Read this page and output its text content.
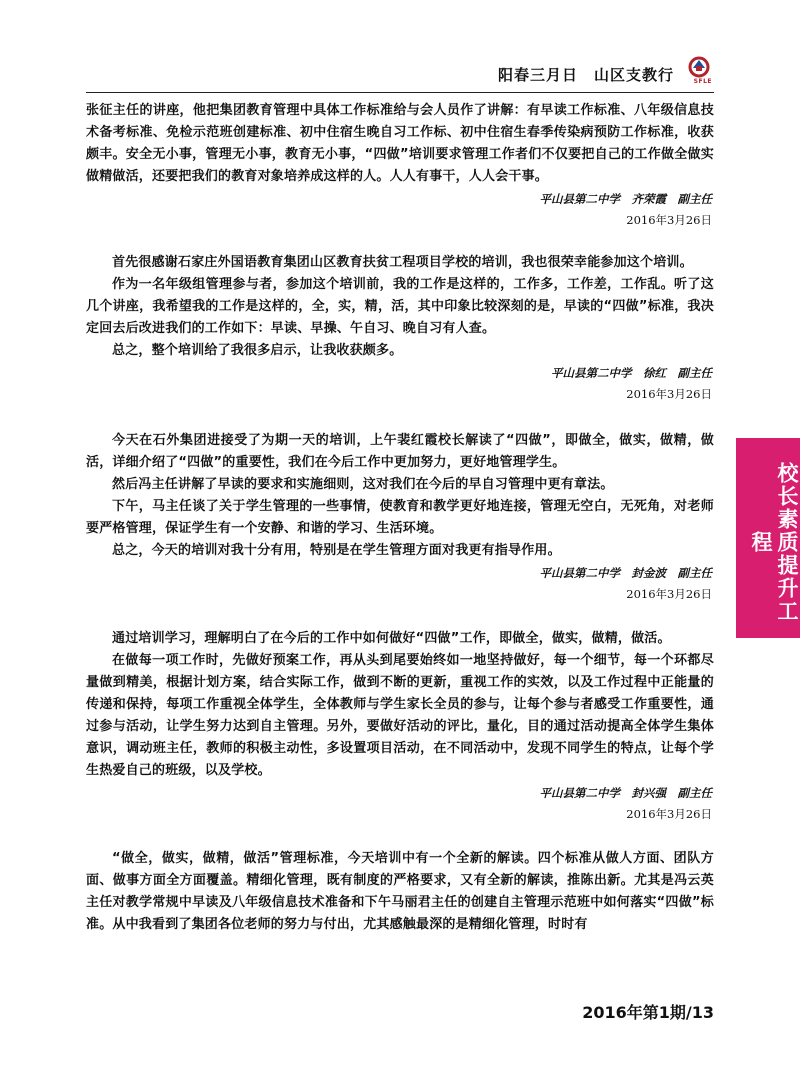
阳春三月日　山区支教行	SFLE

张征主任的讲座，他把集团教育管理中具体工作标准给与会人员作了讲解：有早读工作标准、八年级信息技术备考标准、免检示范班创建标准、初中住宿生晚自习工作标、初中住宿生春季传染病预防工作标准，收获颇丰。安全无小事，管理无小事，教育无小事，“四做”培训要求管理工作者们不仅要把自己的工作做全做实做精做活，还要把我们的教育对象培养成这样的人。人人有事干，人人会干事。

平山县第二中学　齐荣霞　副主任
2016年3月26日

首先很感谢石家庄外国语教育集团山区教育扶贫工程项目学校的培训，我也很荣幸能参加这个培训。

作为一名年级组管理参与者，参加这个培训前，我的工作是这样的，工作多，工作差，工作乱。听了这几个讲座，我希望我的工作是这样的，全，实，精，活，其中印象比较深刻的是，早读的“四做”标准，我决定回去后改进我们的工作如下：早读、早操、午自习、晚自习有人查。

总之，整个培训给了我很多启示，让我收获颇多。

平山县第二中学　徐红　副主任
2016年3月26日

今天在石外集团进接受了为期一天的培训，上午裴红霞校长解读了“四做”，即做全，做实，做精，做活，详细介绍了“四做”的重要性，我们在今后工作中更加努力，更好地管理学生。

然后冯主任讲解了早读的要求和实施细则，这对我们在今后的早自习管理中更有章法。

下午，马主任谈了关于学生管理的一些事情，使教育和教学更好地连接，管理无空白，无死角，对老师要严格管理，保证学生有一个安静、和谐的学习、生活环境。

总之，今天的培训对我十分有用，特别是在学生管理方面对我更有指导作用。

平山县第二中学　封金波　副主任
2016年3月26日

通过培训学习，理解明白了在今后的工作中如何做好“四做”工作，即做全，做实，做精，做活。

在做每一项工作时，先做好预案工作，再从头到尾要始终如一地坚持做好，每一个细节，每一个环都尽量做到精美，根据计划方案，结合实际工作，做到不断的更新，重视工作的实效，以及工作过程中正能量的传递和保持，每项工作重视全体学生，全体教师与学生家长全员的参与，让每个参与者感受工作重要性，通过参与活动，让学生努力达到自主管理。另外，要做好活动的评比，量化，目的通过活动提高全体学生集体意识，调动班主任，教师的积极主动性，多设置项目活动，在不同活动中，发现不同学生的特点，让每个学生热爱自己的班级，以及学校。

平山县第二中学　封兴强　副主任
2016年3月26日

“做全，做实，做精，做活”管理标准，今天培训中有一个全新的解读。四个标准从做人方面、团队方面、做事方面全方面覆盖。精细化管理，既有制度的严格要求，又有全新的解读，推陈出新。尤其是冯云英主任对教学常规中早读及八年级信息技术准备和下午马丽君主任的创建自主管理示范班中如何落实“四做”标准。从中我看到了集团各位老师的努力与付出，尤其感触最深的是精细化管理，时时有

校长素质提升工程
2016年第1期/13
